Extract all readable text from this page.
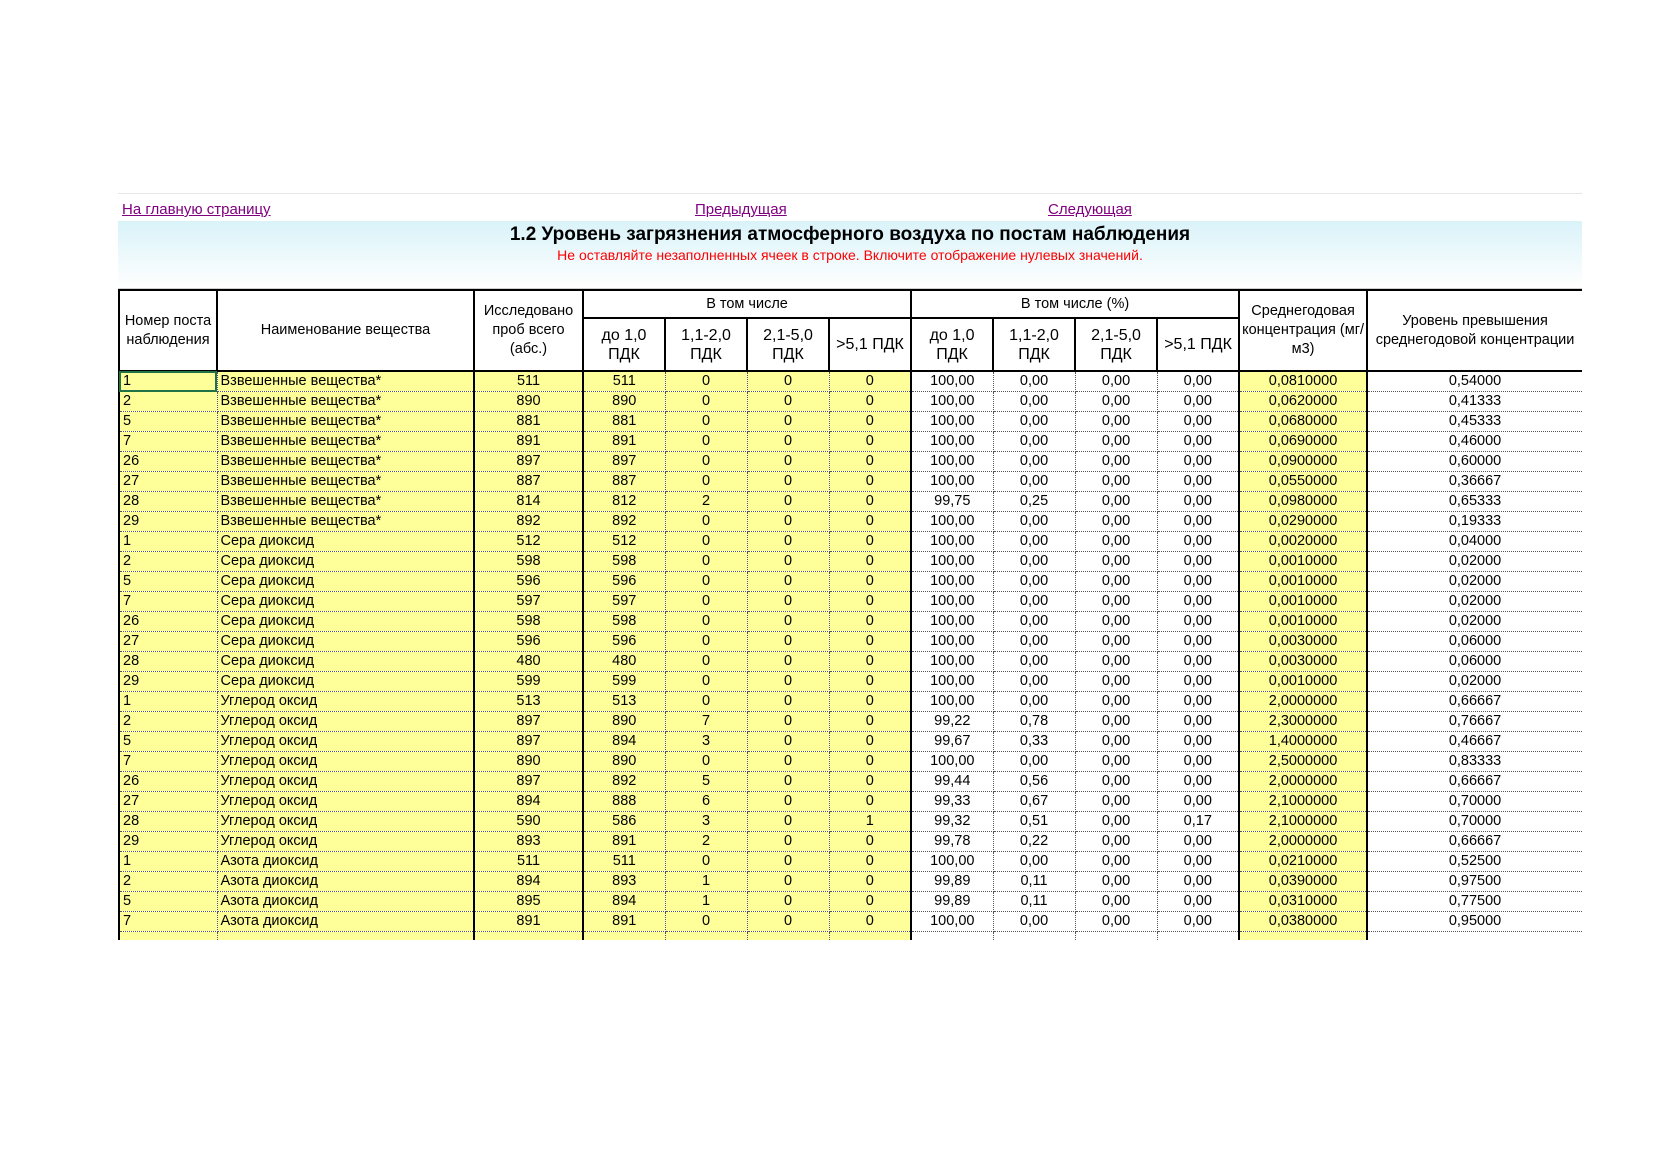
На главную страницу	Предыдущая	Следующая
1.2 Уровень загрязнения атмосферного воздуха по постам наблюдения
Не оставляйте незаполненных ячеек в строке. Включите отображение нулевых значений.
Номер поста наблюдения	Наименование вещества	Исследовано проб всего (абс.)	В том числе				В том числе (%)				Среднегодовая концентрация (мг/м3)	Уровень превышения среднегодовой концентрации
			до 1,0 ПДК	1,1-2,0 ПДК	2,1-5,0 ПДК	>5,1 ПДК	до 1,0 ПДК	1,1-2,0 ПДК	2,1-5,0 ПДК	>5,1 ПДК		
1	Взвешенные вещества*	511	511	0	0	0	100,00	0,00	0,00	0,00	0,0810000	0,54000
2	Взвешенные вещества*	890	890	0	0	0	100,00	0,00	0,00	0,00	0,0620000	0,41333
5	Взвешенные вещества*	881	881	0	0	0	100,00	0,00	0,00	0,00	0,0680000	0,45333
7	Взвешенные вещества*	891	891	0	0	0	100,00	0,00	0,00	0,00	0,0690000	0,46000
26	Взвешенные вещества*	897	897	0	0	0	100,00	0,00	0,00	0,00	0,0900000	0,60000
27	Взвешенные вещества*	887	887	0	0	0	100,00	0,00	0,00	0,00	0,0550000	0,36667
28	Взвешенные вещества*	814	812	2	0	0	99,75	0,25	0,00	0,00	0,0980000	0,65333
29	Взвешенные вещества*	892	892	0	0	0	100,00	0,00	0,00	0,00	0,0290000	0,19333
1	Сера диоксид	512	512	0	0	0	100,00	0,00	0,00	0,00	0,0020000	0,04000
2	Сера диоксид	598	598	0	0	0	100,00	0,00	0,00	0,00	0,0010000	0,02000
5	Сера диоксид	596	596	0	0	0	100,00	0,00	0,00	0,00	0,0010000	0,02000
7	Сера диоксид	597	597	0	0	0	100,00	0,00	0,00	0,00	0,0010000	0,02000
26	Сера диоксид	598	598	0	0	0	100,00	0,00	0,00	0,00	0,0010000	0,02000
27	Сера диоксид	596	596	0	0	0	100,00	0,00	0,00	0,00	0,0030000	0,06000
28	Сера диоксид	480	480	0	0	0	100,00	0,00	0,00	0,00	0,0030000	0,06000
29	Сера диоксид	599	599	0	0	0	100,00	0,00	0,00	0,00	0,0010000	0,02000
1	Углерод оксид	513	513	0	0	0	100,00	0,00	0,00	0,00	2,0000000	0,66667
2	Углерод оксид	897	890	7	0	0	99,22	0,78	0,00	0,00	2,3000000	0,76667
5	Углерод оксид	897	894	3	0	0	99,67	0,33	0,00	0,00	1,4000000	0,46667
7	Углерод оксид	890	890	0	0	0	100,00	0,00	0,00	0,00	2,5000000	0,83333
26	Углерод оксид	897	892	5	0	0	99,44	0,56	0,00	0,00	2,0000000	0,66667
27	Углерод оксид	894	888	6	0	0	99,33	0,67	0,00	0,00	2,1000000	0,70000
28	Углерод оксид	590	586	3	0	1	99,32	0,51	0,00	0,17	2,1000000	0,70000
29	Углерод оксид	893	891	2	0	0	99,78	0,22	0,00	0,00	2,0000000	0,66667
1	Азота диоксид	511	511	0	0	0	100,00	0,00	0,00	0,00	0,0210000	0,52500
2	Азота диоксид	894	893	1	0	0	99,89	0,11	0,00	0,00	0,0390000	0,97500
5	Азота диоксид	895	894	1	0	0	99,89	0,11	0,00	0,00	0,0310000	0,77500
7	Азота диоксид	891	891	0	0	0	100,00	0,00	0,00	0,00	0,0380000	0,95000
